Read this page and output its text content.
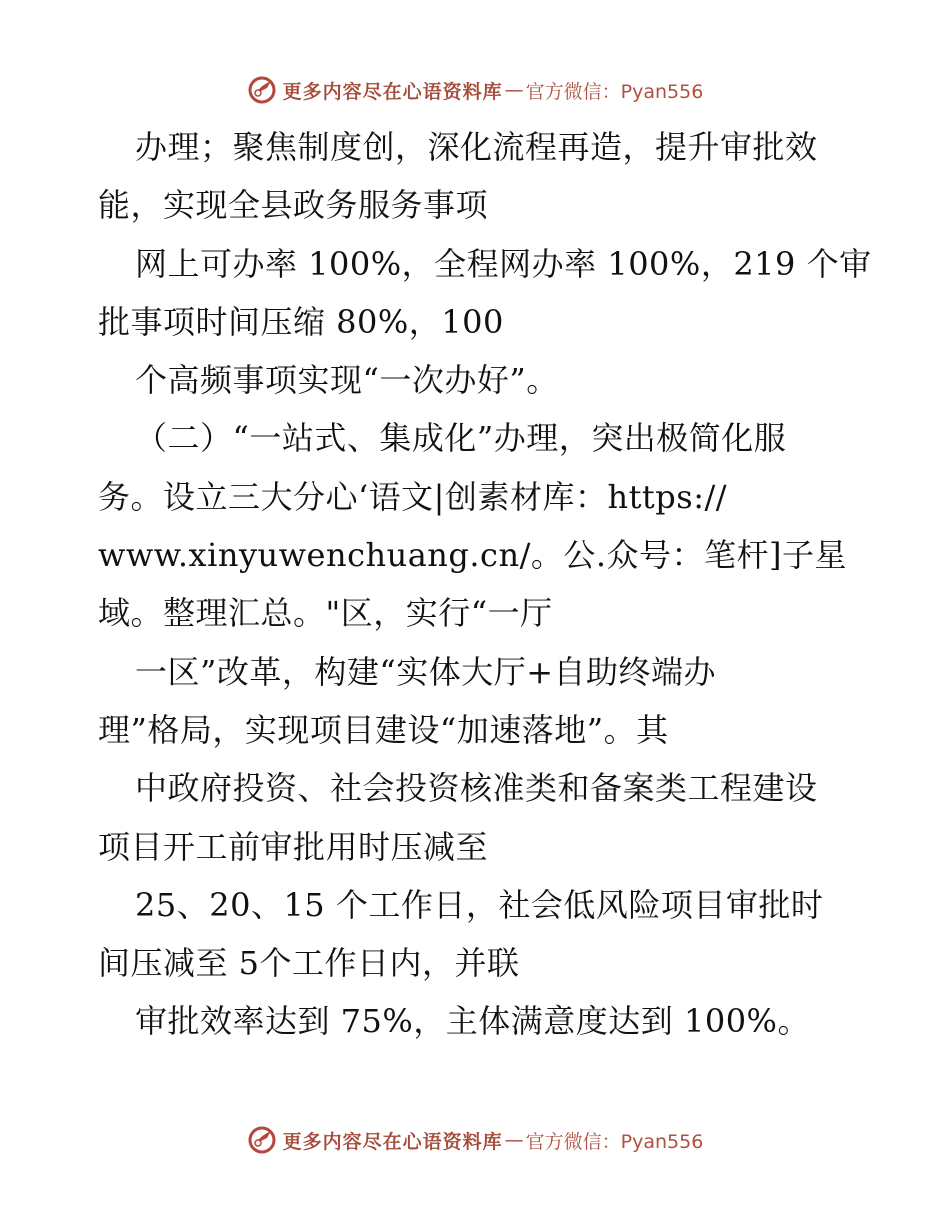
更多内容尽在心语资料库 — 官方微信：Pyan556
办理；聚焦制度创，深化流程再造，提升审批效
能，实现全县政务服务事项
网上可办率 100%，全程网办率 100%，219 个审
批事项时间压缩 80%，100
个高频事项实现“一次办好”。
（二）“一站式、集成化”办理，突出极简化服
务。设立三大分心‘语文|创素材库：https://
www.xinyuwenchuang.cn/。公.众号：笔杆]子星
域。整理汇总。"区，实行“一厅
一区”改革，构建“实体大厅+自助终端办
理”格局，实现项目建设“加速落地”。其
中政府投资、社会投资核准类和备案类工程建设
项目开工前审批用时压减至
25、20、15 个工作日，社会低风险项目审批时
间压减至 5个工作日内，并联
审批效率达到 75%，主体满意度达到 100%。
更多内容尽在心语资料库 — 官方微信：Pyan556
